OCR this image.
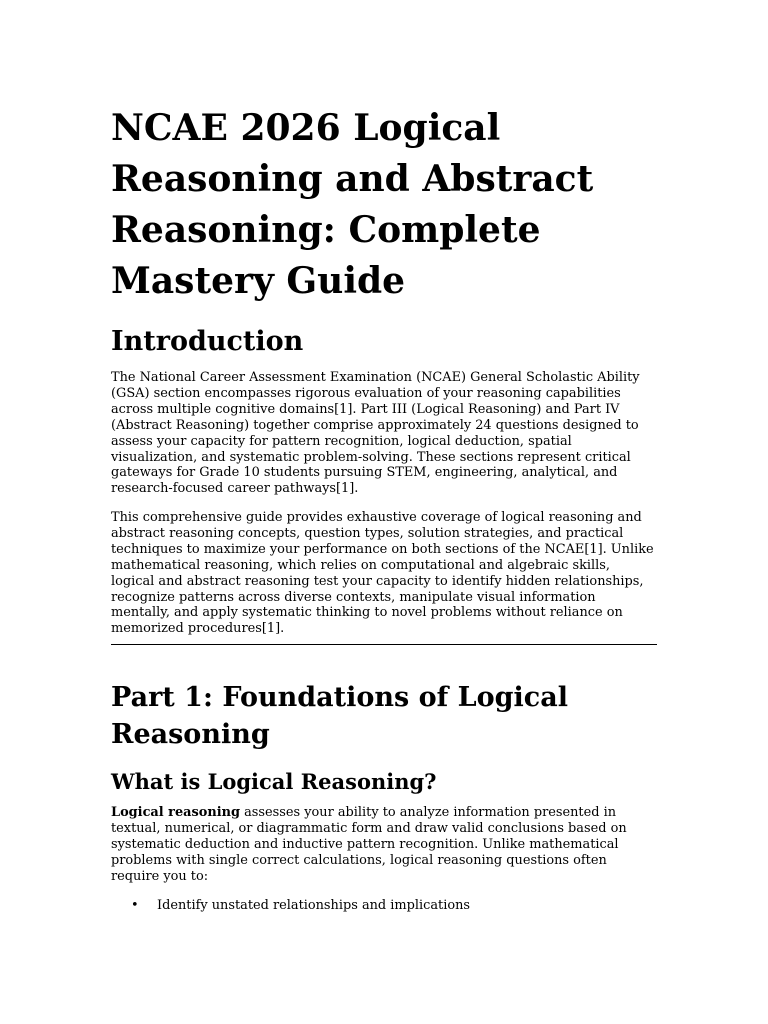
NCAE 2026 Logical Reasoning and Abstract Reasoning: Complete Mastery Guide
Introduction

The National Career Assessment Examination (NCAE) General Scholastic Ability (GSA) section encompasses rigorous evaluation of your reasoning capabilities across multiple cognitive domains[1]. Part III (Logical Reasoning) and Part IV (Abstract Reasoning) together comprise approximately 24 questions designed to assess your capacity for pattern recognition, logical deduction, spatial visualization, and systematic problem-solving. These sections represent critical gateways for Grade 10 students pursuing STEM, engineering, analytical, and research-focused career pathways[1].

This comprehensive guide provides exhaustive coverage of logical reasoning and abstract reasoning concepts, question types, solution strategies, and practical techniques to maximize your performance on both sections of the NCAE[1]. Unlike mathematical reasoning, which relies on computational and algebraic skills, logical and abstract reasoning test your capacity to identify hidden relationships, recognize patterns across diverse contexts, manipulate visual information mentally, and apply systematic thinking to novel problems without reliance on memorized procedures[1].

Part 1: Foundations of Logical Reasoning
What is Logical Reasoning?

Logical reasoning assesses your ability to analyze information presented in textual, numerical, or diagrammatic form and draw valid conclusions based on systematic deduction and inductive pattern recognition. Unlike mathematical problems with single correct calculations, logical reasoning questions often require you to:

• Identify unstated relationships and implications
